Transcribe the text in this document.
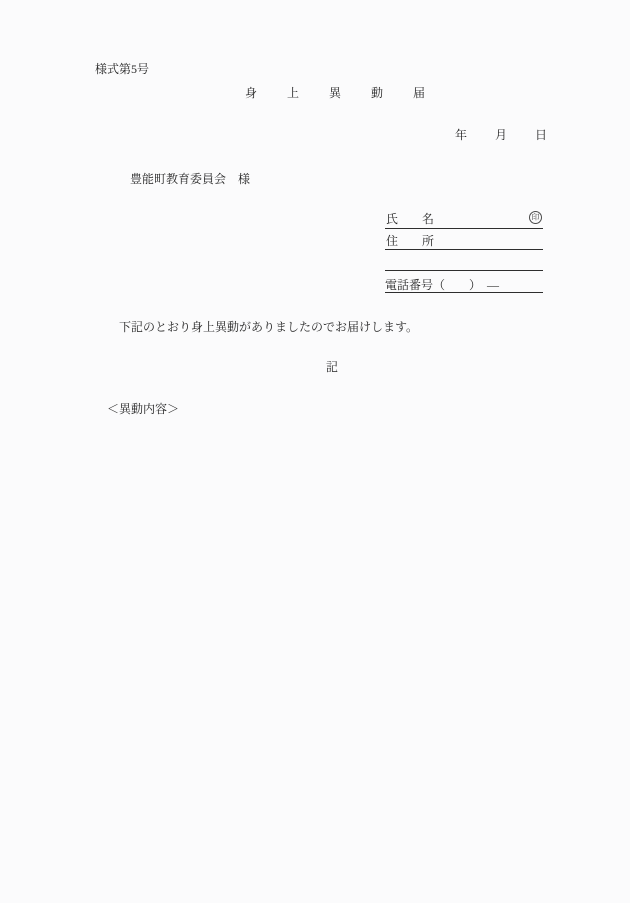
様式第5号
身　上　異　動　届
年　月　日
豊能町教育委員会　様
氏　　名	印
住　　所
電話番号（　　）　―
下記のとおり身上異動がありましたのでお届けします。
記
＜異動内容＞
